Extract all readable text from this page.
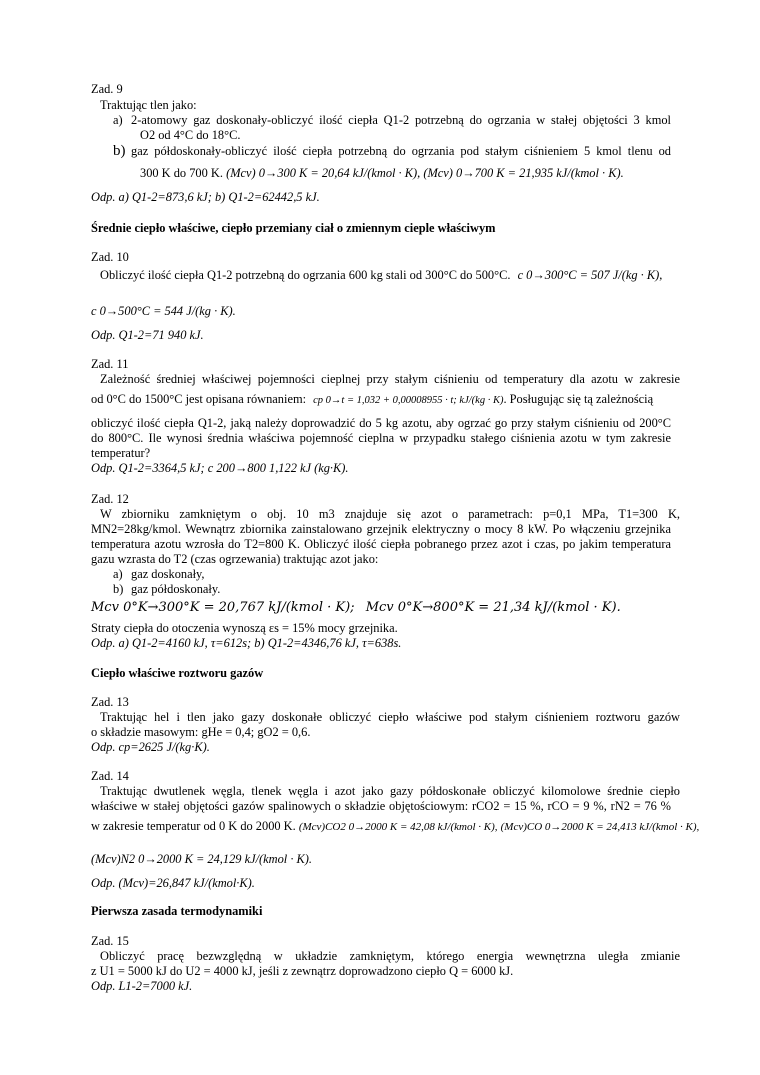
Zad. 9
Traktując tlen jako:
a) 2-atomowy gaz doskonały-obliczyć ilość ciepła Q1-2 potrzebną do ogrzania w stałej objętości 3 kmol
O2 od 4°C do 18°C.
b) gaz półdoskonały-obliczyć ilość ciepła potrzebną do ogrzania pod stałym ciśnieniem 5 kmol tlenu od
300 K do 700 K. (Mcv) 0→300 K = 20,64 kJ/(kmol · K), (Mcv) 0→700 K = 21,935 kJ/(kmol · K).
Odp. a) Q1-2=873,6 kJ; b) Q1-2=62442,5 kJ.
Średnie ciepło właściwe, ciepło przemiany ciał o zmiennym cieple właściwym
Zad. 10
Obliczyć ilość ciepła Q1-2 potrzebną do ogrzania 600 kg stali od 300°C do 500°C. c 0→300°C = 507 J/(kg · K),
c 0→500°C = 544 J/(kg · K).
Odp. Q1-2=71 940 kJ.
Zad. 11
Zależność średniej właściwej pojemności cieplnej przy stałym ciśnieniu od temperatury dla azotu w zakresie
od 0°C do 1500°C jest opisana równaniem: cp 0→t = 1,032 + 0,00008955 · t; kJ/(kg · K). Posługując się tą zależnością
obliczyć ilość ciepła Q1-2, jaką należy doprowadzić do 5 kg azotu, aby ogrzać go przy stałym ciśnieniu od 200°C
do 800°C. Ile wynosi średnia właściwa pojemność cieplna w przypadku stałego ciśnienia azotu w tym zakresie
temperatur?
Odp. Q1-2=3364,5 kJ; c 200→800 1,122 kJ (kg·K).
Zad. 12
W zbiorniku zamkniętym o obj. 10 m3 znajduje się azot o parametrach: p=0,1 MPa, T1=300 K,
MN2=28kg/kmol. Wewnątrz zbiornika zainstalowano grzejnik elektryczny o mocy 8 kW. Po włączeniu grzejnika
temperatura azotu wzrosła do T2=800 K. Obliczyć ilość ciepła pobranego przez azot i czas, po jakim temperatura
gazu wzrasta do T2 (czas ogrzewania) traktując azot jako:
a) gaz doskonały,
b) gaz półdoskonały.
Mcv 0°K→300°K = 20,767 kJ/(kmol · K); Mcv 0°K→800°K = 21,34 kJ/(kmol · K).
Straty ciepła do otoczenia wynoszą εs = 15% mocy grzejnika.
Odp. a) Q1-2=4160 kJ, τ=612s; b) Q1-2=4346,76 kJ, τ=638s.
Ciepło właściwe roztworu gazów
Zad. 13
Traktując hel i tlen jako gazy doskonałe obliczyć ciepło właściwe pod stałym ciśnieniem roztworu gazów
o składzie masowym: gHe = 0,4; gO2 = 0,6.
Odp. cp=2625 J/(kg·K).
Zad. 14
Traktując dwutlenek węgla, tlenek węgla i azot jako gazy półdoskonałe obliczyć kilomolowe średnie ciepło
właściwe w stałej objętości gazów spalinowych o składzie objętościowym: rCO2 = 15 %, rCO = 9 %, rN2 = 76 %
w zakresie temperatur od 0 K do 2000 K. (Mcv)CO2 0→2000 K = 42,08 kJ/(kmol · K), (Mcv)CO 0→2000 K = 24,413 kJ/(kmol · K),
(Mcv)N2 0→2000 K = 24,129 kJ/(kmol · K).
Odp. (Mcv)=26,847 kJ/(kmol·K).
Pierwsza zasada termodynamiki
Zad. 15
Obliczyć pracę bezwzględną w układzie zamkniętym, którego energia wewnętrzna uległa zmianie
z U1 = 5000 kJ do U2 = 4000 kJ, jeśli z zewnątrz doprowadzono ciepło Q = 6000 kJ.
Odp. L1-2=7000 kJ.
